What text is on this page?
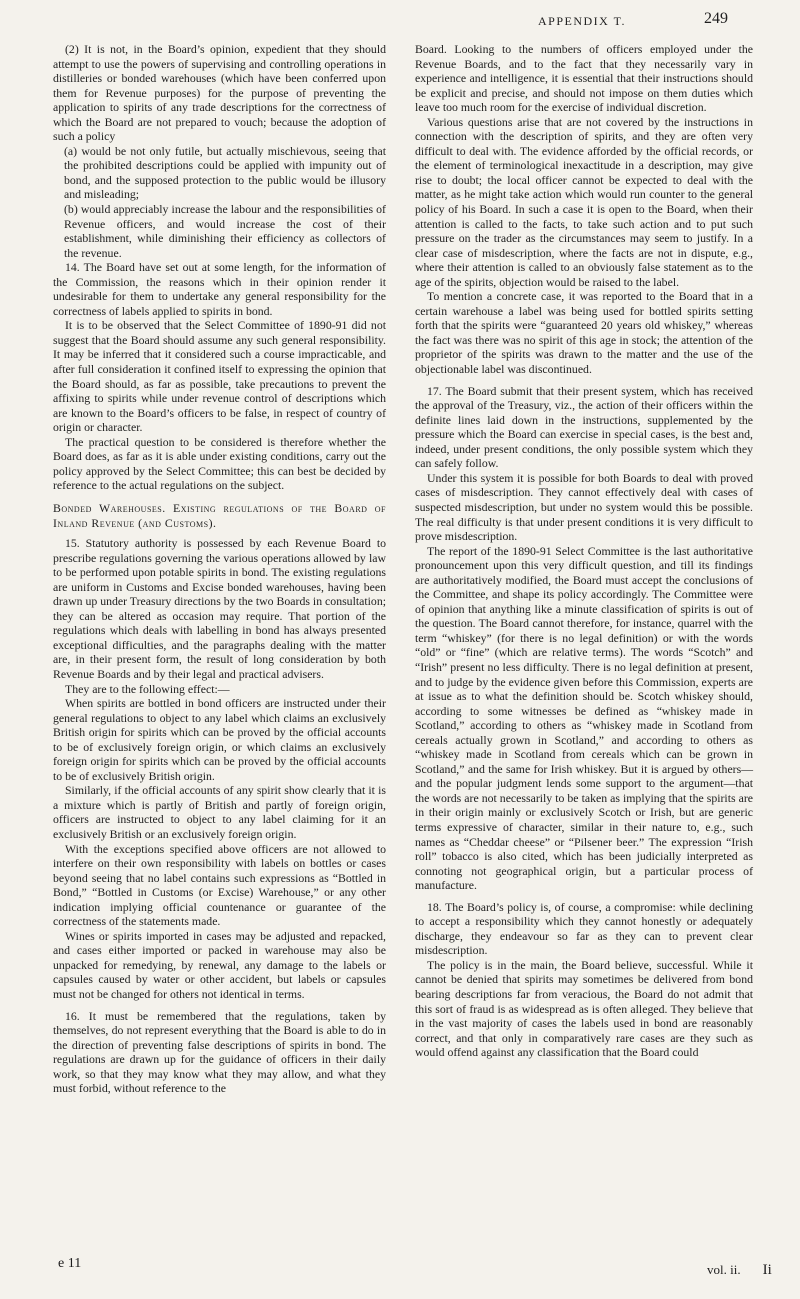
APPENDIX T.	249

(2) It is not, in the Board’s opinion, expedient that they should attempt to use the powers of supervising and controlling operations in distilleries or bonded warehouses (which have been conferred upon them for Revenue purposes) for the purpose of preventing the application to spirits of any trade descriptions for the correctness of which the Board are not prepared to vouch; because the adoption of such a policy

(a) would be not only futile, but actually mischievous, seeing that the prohibited descriptions could be applied with impunity out of bond, and the supposed protection to the public would be illusory and misleading;

(b) would appreciably increase the labour and the responsibilities of Revenue officers, and would increase the cost of their establishment, while diminishing their efficiency as collectors of the revenue.

14. The Board have set out at some length, for the information of the Commission, the reasons which in their opinion render it undesirable for them to undertake any general responsibility for the correctness of labels applied to spirits in bond.

It is to be observed that the Select Committee of 1890-91 did not suggest that the Board should assume any such general responsibility. It may be inferred that it considered such a course impracticable, and after full consideration it confined itself to expressing the opinion that the Board should, as far as possible, take precautions to prevent the affixing to spirits while under revenue control of descriptions which are known to the Board’s officers to be false, in respect of country of origin or character.

The practical question to be considered is therefore whether the Board does, as far as it is able under existing conditions, carry out the policy approved by the Select Committee; this can best be decided by reference to the actual regulations on the subject.

Bonded Warehouses. Existing regulations of the Board of Inland Revenue (and Customs).

15. Statutory authority is possessed by each Revenue Board to prescribe regulations governing the various operations allowed by law to be performed upon potable spirits in bond. The existing regulations are uniform in Customs and Excise bonded warehouses, having been drawn up under Treasury directions by the two Boards in consultation; they can be altered as occasion may require. That portion of the regulations which deals with labelling in bond has always presented exceptional difficulties, and the paragraphs dealing with the matter are, in their present form, the result of long consideration by both Revenue Boards and by their legal and practical advisers.

They are to the following effect:—

When spirits are bottled in bond officers are instructed under their general regulations to object to any label which claims an exclusively British origin for spirits which can be proved by the official accounts to be of exclusively foreign origin, or which claims an exclusively foreign origin for spirits which can be proved by the official accounts to be of exclusively British origin.

Similarly, if the official accounts of any spirit show clearly that it is a mixture which is partly of British and partly of foreign origin, officers are instructed to object to any label claiming for it an exclusively British or an exclusively foreign origin.

With the exceptions specified above officers are not allowed to interfere on their own responsibility with labels on bottles or cases beyond seeing that no label contains such expressions as “Bottled in Bond,” “Bottled in Customs (or Excise) Warehouse,” or any other indication implying official countenance or guarantee of the correctness of the statements made.

Wines or spirits imported in cases may be adjusted and repacked, and cases either imported or packed in warehouse may also be unpacked for remedying, by renewal, any damage to the labels or capsules caused by water or other accident, but labels or capsules must not be changed for others not identical in terms.

16. It must be remembered that the regulations, taken by themselves, do not represent everything that the Board is able to do in the direction of preventing false descriptions of spirits in bond. The regulations are drawn up for the guidance of officers in their daily work, so that they may know what they may allow, and what they must forbid, without reference to the

Board. Looking to the numbers of officers employed under the Revenue Boards, and to the fact that they necessarily vary in experience and intelligence, it is essential that their instructions should be explicit and precise, and should not impose on them duties which leave too much room for the exercise of individual discretion.

Various questions arise that are not covered by the instructions in connection with the description of spirits, and they are often very difficult to deal with. The evidence afforded by the official records, or the element of terminological inexactitude in a description, may give rise to doubt; the local officer cannot be expected to deal with the matter, as he might take action which would run counter to the general policy of his Board. In such a case it is open to the Board, when their attention is called to the facts, to take such action and to put such pressure on the trader as the circumstances may seem to justify. In a clear case of misdescription, where the facts are not in dispute, e.g., where their attention is called to an obviously false statement as to the age of the spirits, objection would be raised to the label.

To mention a concrete case, it was reported to the Board that in a certain warehouse a label was being used for bottled spirits setting forth that the spirits were “guaranteed 20 years old whiskey,” whereas the fact was there was no spirit of this age in stock; the attention of the proprietor of the spirits was drawn to the matter and the use of the objectionable label was discontinued.

17. The Board submit that their present system, which has received the approval of the Treasury, viz., the action of their officers within the definite lines laid down in the instructions, supplemented by the pressure which the Board can exercise in special cases, is the best and, indeed, under present conditions, the only possible system which they can safely follow.

Under this system it is possible for both Boards to deal with proved cases of misdescription. They cannot effectively deal with cases of suspected misdescription, but under no system would this be possible. The real difficulty is that under present conditions it is very difficult to prove misdescription.

The report of the 1890-91 Select Committee is the last authoritative pronouncement upon this very difficult question, and till its findings are authoritatively modified, the Board must accept the conclusions of the Committee, and shape its policy accordingly. The Committee were of opinion that anything like a minute classification of spirits is out of the question. The Board cannot therefore, for instance, quarrel with the term “whiskey” (for there is no legal definition) or with the words “old” or “fine” (which are relative terms). The words “Scotch” and “Irish” present no less difficulty. There is no legal definition at present, and to judge by the evidence given before this Commission, experts are at issue as to what the definition should be. Scotch whiskey should, according to some witnesses be defined as “whiskey made in Scotland,” according to others as “whiskey made in Scotland from cereals actually grown in Scotland,” and according to others as “whiskey made in Scotland from cereals which can be grown in Scotland,” and the same for Irish whiskey. But it is argued by others—and the popular judgment lends some support to the argument—that the words are not necessarily to be taken as implying that the spirits are in their origin mainly or exclusively Scotch or Irish, but are generic terms expressive of character, similar in their nature to, e.g., such names as “Cheddar cheese” or “Pilsener beer.” The expression “Irish roll” tobacco is also cited, which has been judicially interpreted as connoting not geographical origin, but a particular process of manufacture.

18. The Board’s policy is, of course, a compromise: while declining to accept a responsibility which they cannot honestly or adequately discharge, they endeavour so far as they can to prevent clear misdescription.

The policy is in the main, the Board believe, successful. While it cannot be denied that spirits may sometimes be delivered from bond bearing descriptions far from veracious, the Board do not admit that this sort of fraud is as widespread as is often alleged. They believe that in the vast majority of cases the labels used in bond are reasonably correct, and that only in comparatively rare cases are they such as would offend against any classification that the Board could

e 11	vol. ii. Ii
